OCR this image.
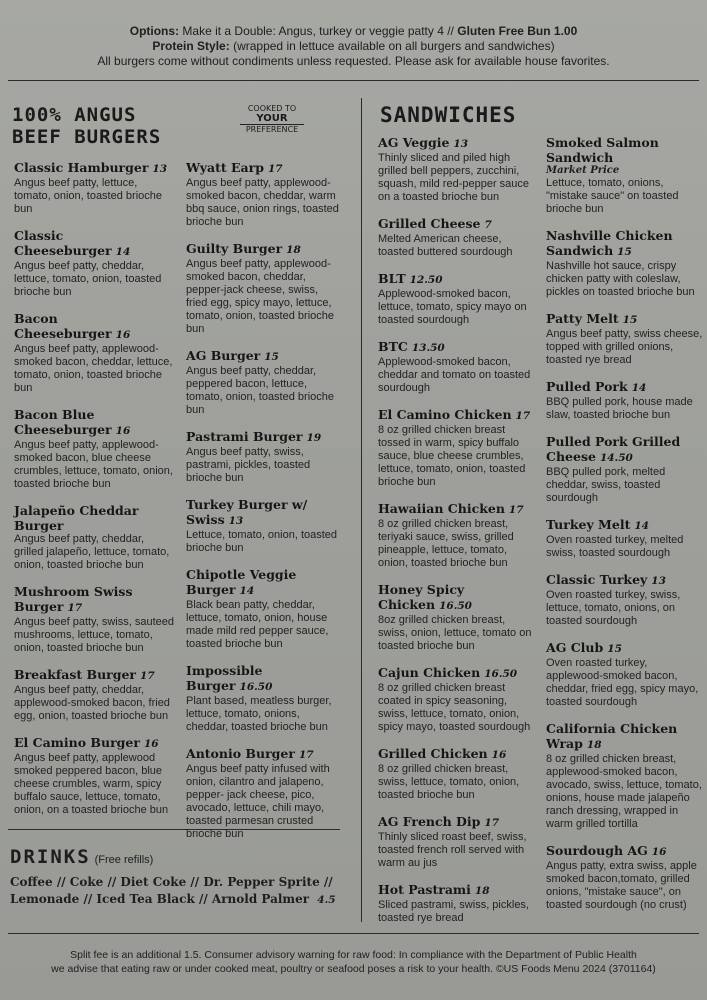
Options: Make it a Double: Angus, turkey or veggie patty 4 // Gluten Free Bun 1.00
Protein Style: (wrapped in lettuce available on all burgers and sandwiches)
All burgers come without condiments unless requested. Please ask for available house favorites.
100% ANGUS
BEEF BURGERS
COOKED TO
YOUR
PREFERENCE
SANDWICHES
Classic Hamburger 13
Angus beef patty, lettuce, tomato, onion, toasted brioche bun
Classic Cheeseburger 14
Angus beef patty, cheddar, lettuce, tomato, onion, toasted brioche bun
Bacon Cheeseburger 16
Angus beef patty, applewood-smoked bacon, cheddar, lettuce, tomato, onion, toasted brioche bun
Bacon Blue Cheeseburger 16
Angus beef patty, applewood-smoked bacon, blue cheese crumbles, lettuce, tomato, onion, toasted brioche bun
Jalapeño Cheddar Burger
Angus beef patty, cheddar, grilled jalapeño, lettuce, tomato, onion, toasted brioche bun
Mushroom Swiss Burger 17
Angus beef patty, swiss, sauteed mushrooms, lettuce, tomato, onion, toasted brioche bun
Breakfast Burger 17
Angus beef patty, cheddar, applewood-smoked bacon, fried egg, onion, toasted brioche bun
El Camino Burger 16
Angus beef patty, applewood smoked peppered bacon, blue cheese crumbles, warm, spicy buffalo sauce, lettuce, tomato, onion, on a toasted brioche bun
Wyatt Earp 17
Angus beef patty, applewood-smoked bacon, cheddar, warm bbq sauce, onion rings, toasted brioche bun
Guilty Burger 18
Angus beef patty, applewood-smoked bacon, cheddar, pepper-jack cheese, swiss, fried egg, spicy mayo, lettuce, tomato, onion, toasted brioche bun
AG Burger 15
Angus beef patty, cheddar, peppered bacon, lettuce, tomato, onion, toasted brioche bun
Pastrami Burger 19
Angus beef patty, swiss, pastrami, pickles, toasted brioche bun
Turkey Burger w/ Swiss 13
Lettuce, tomato, onion, toasted brioche bun
Chipotle Veggie Burger 14
Black bean patty, cheddar, lettuce, tomato, onion, house made mild red pepper sauce, toasted brioche bun
Impossible Burger 16.50
Plant based, meatless burger, lettuce, tomato, onions, cheddar, toasted brioche bun
Antonio Burger 17
Angus beef patty infused with onion, cilantro and jalapeno, pepper- jack cheese, pico, avocado, lettuce, chili mayo, toasted parmesan crusted brioche bun
AG Veggie 13
Thinly sliced and piled high grilled bell peppers, zucchini, squash, mild red-pepper sauce on a toasted brioche bun
Grilled Cheese 7
Melted American cheese, toasted buttered sourdough
BLT 12.50
Applewood-smoked bacon, lettuce, tomato, spicy mayo on toasted sourdough
BTC 13.50
Applewood-smoked bacon, cheddar and tomato on toasted sourdough
El Camino Chicken 17
8 oz grilled chicken breast tossed in warm, spicy buffalo sauce, blue cheese crumbles, lettuce, tomato, onion, toasted brioche bun
Hawaiian Chicken 17
8 oz grilled chicken breast, teriyaki sauce, swiss, grilled pineapple, lettuce, tomato, onion, toasted brioche bun
Honey Spicy Chicken 16.50
8oz grilled chicken breast, swiss, onion, lettuce, tomato on toasted brioche bun
Cajun Chicken 16.50
8 oz grilled chicken breast coated in spicy seasoning, swiss, lettuce, tomato, onion, spicy mayo, toasted sourdough
Grilled Chicken 16
8 oz grilled chicken breast, swiss, lettuce, tomato, onion, toasted brioche bun
AG French Dip 17
Thinly sliced roast beef, swiss, toasted french roll served with warm au jus
Hot Pastrami 18
Sliced pastrami, swiss, pickles, toasted rye bread
Smoked Salmon Sandwich
Market Price
Lettuce, tomato, onions, "mistake sauce" on toasted brioche bun
Nashville Chicken Sandwich 15
Nashville hot sauce, crispy chicken patty with coleslaw, pickles on toasted brioche bun
Patty Melt 15
Angus beef patty, swiss cheese, topped with grilled onions, toasted rye bread
Pulled Pork 14
BBQ pulled pork, house made slaw, toasted brioche bun
Pulled Pork Grilled Cheese 14.50
BBQ pulled pork, melted cheddar, swiss, toasted sourdough
Turkey Melt 14
Oven roasted turkey, melted swiss, toasted sourdough
Classic Turkey 13
Oven roasted turkey, swiss, lettuce, tomato, onions, on toasted sourdough
AG Club 15
Oven roasted turkey, applewood-smoked bacon, cheddar, fried egg, spicy mayo, toasted sourdough
California Chicken Wrap 18
8 oz grilled chicken breast, applewood-smoked bacon, avocado, swiss, lettuce, tomato, onions, house made jalapeño ranch dressing, wrapped in warm grilled tortilla
Sourdough AG 16
Angus patty, extra swiss, apple smoked bacon,tomato, grilled onions, "mistake sauce", on toasted sourdough (no crust)
DRINKS (Free refills)
Coffee // Coke // Diet Coke // Dr. Pepper Sprite //
Lemonade // Iced Tea Black // Arnold Palmer 4.5
Split fee is an additional 1.5. Consumer advisory warning for raw food: In compliance with the Department of Public Health
we advise that eating raw or under cooked meat, poultry or seafood poses a risk to your health. ©US Foods Menu 2024 (3701164)
